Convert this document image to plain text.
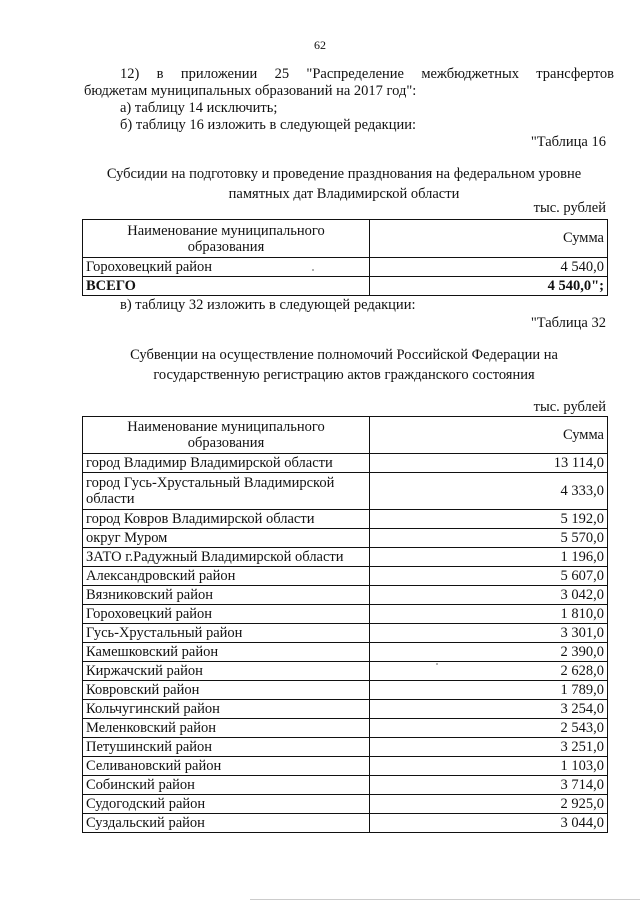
62

12) в приложении 25 "Распределение межбюджетных трансфертов

бюджетам муниципальных образований на 2017 год":

а) таблицу 14 исключить;

б) таблицу 16 изложить в следующей редакции:

"Таблица 16

Субсидии на подготовку и проведение празднования на федеральном уровне

памятных дат Владимирской области

тыс. рублей

Наименование муниципального
образования	Сумма
Гороховецкий район	4 540,0
ВСЕГО	4 540,0";

в) таблицу 32 изложить в следующей редакции:

"Таблица 32

Субвенции на осуществление полномочий Российской Федерации на

государственную регистрацию актов гражданского состояния

тыс. рублей

Наименование муниципального
образования	Сумма
город Владимир Владимирской области	13 114,0
город Гусь-Хрустальный Владимирской
области	4 333,0
город Ковров Владимирской области	5 192,0
округ Муром	5 570,0
ЗАТО г.Радужный Владимирской области	1 196,0
Александровский район	5 607,0
Вязниковский район	3 042,0
Гороховецкий район	1 810,0
Гусь-Хрустальный район	3 301,0
Камешковский район	2 390,0
Киржачский район	2 628,0
Ковровский район	1 789,0
Кольчугинский район	3 254,0
Меленковский район	2 543,0
Петушинский район	3 251,0
Селивановский район	1 103,0
Собинский район	3 714,0
Судогодский район	2 925,0
Суздальский район	3 044,0
